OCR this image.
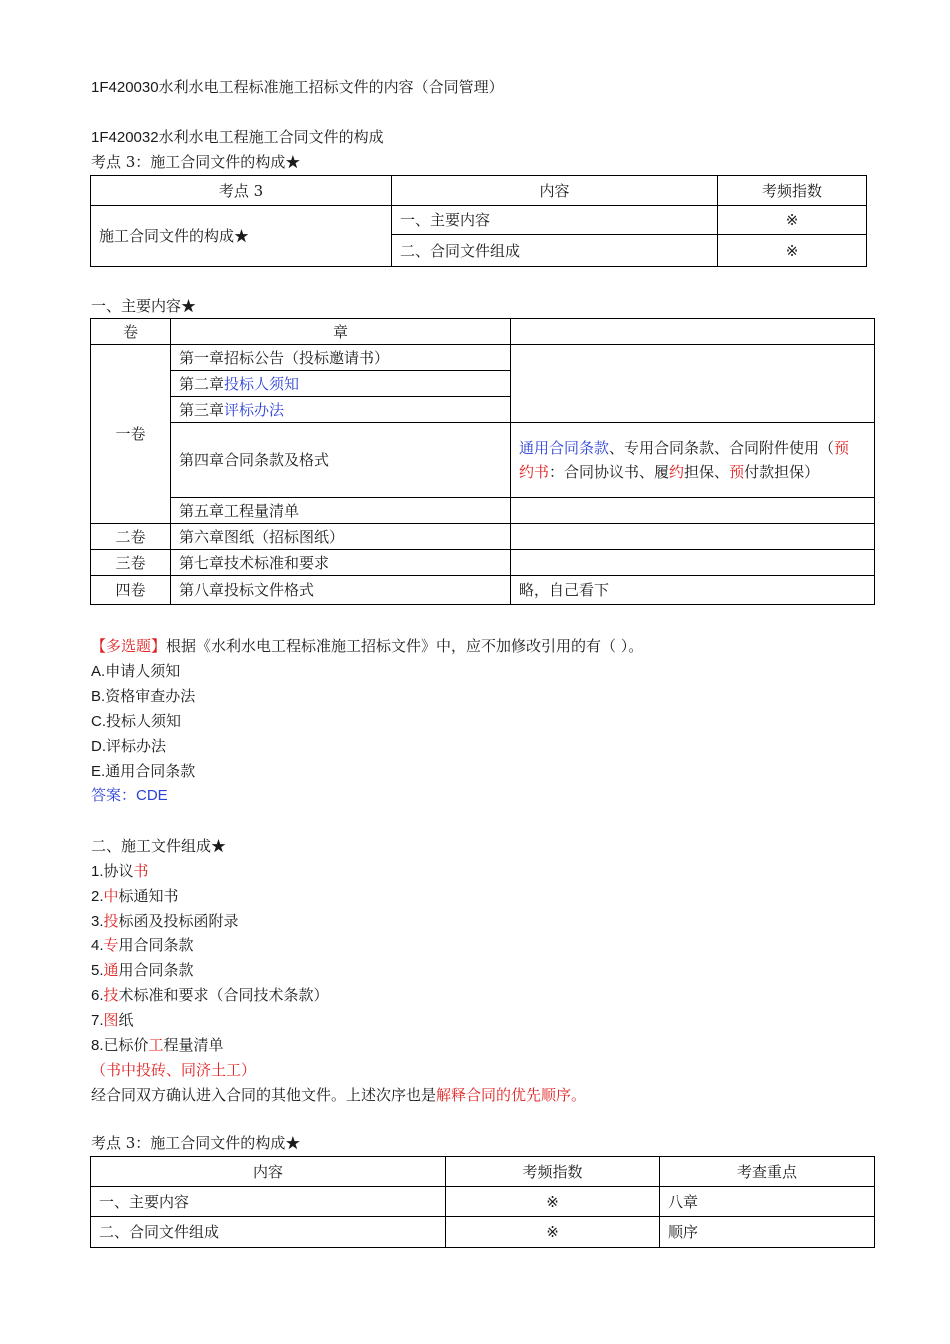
1F420030水利水电工程标准施工招标文件的内容（合同管理）
1F420032水利水电工程施工合同文件的构成
考点 3：施工合同文件的构成★
考点 3	内容	考频指数
施工合同文件的构成★	一、主要内容	※
	二、合同文件组成	※
一、主要内容★
卷	章	
一卷	第一章招标公告（投标邀请书）	
	第二章投标人须知	
	第三章评标办法	
	第四章合同条款及格式	通用合同条款、专用合同条款、合同附件使用（预约书：合同协议书、履约担保、预付款担保）
	第五章工程量清单	
二卷	第六章图纸（招标图纸）	
三卷	第七章技术标准和要求	
四卷	第八章投标文件格式	略，自己看下
【多选题】根据《水利水电工程标准施工招标文件》中，应不加修改引用的有（ ）。
A.申请人须知
B.资格审查办法
C.投标人须知
D.评标办法
E.通用合同条款
答案：CDE
二、施工文件组成★
1.协议书
2.中标通知书
3.投标函及投标函附录
4.专用合同条款
5.通用合同条款
6.技术标准和要求（合同技术条款）
7.图纸
8.已标价工程量清单
（书中投砖、同济土工）
经合同双方确认进入合同的其他文件。上述次序也是解释合同的优先顺序。
考点 3：施工合同文件的构成★
内容	考频指数	考查重点
一、主要内容	※	八章
二、合同文件组成	※	顺序
